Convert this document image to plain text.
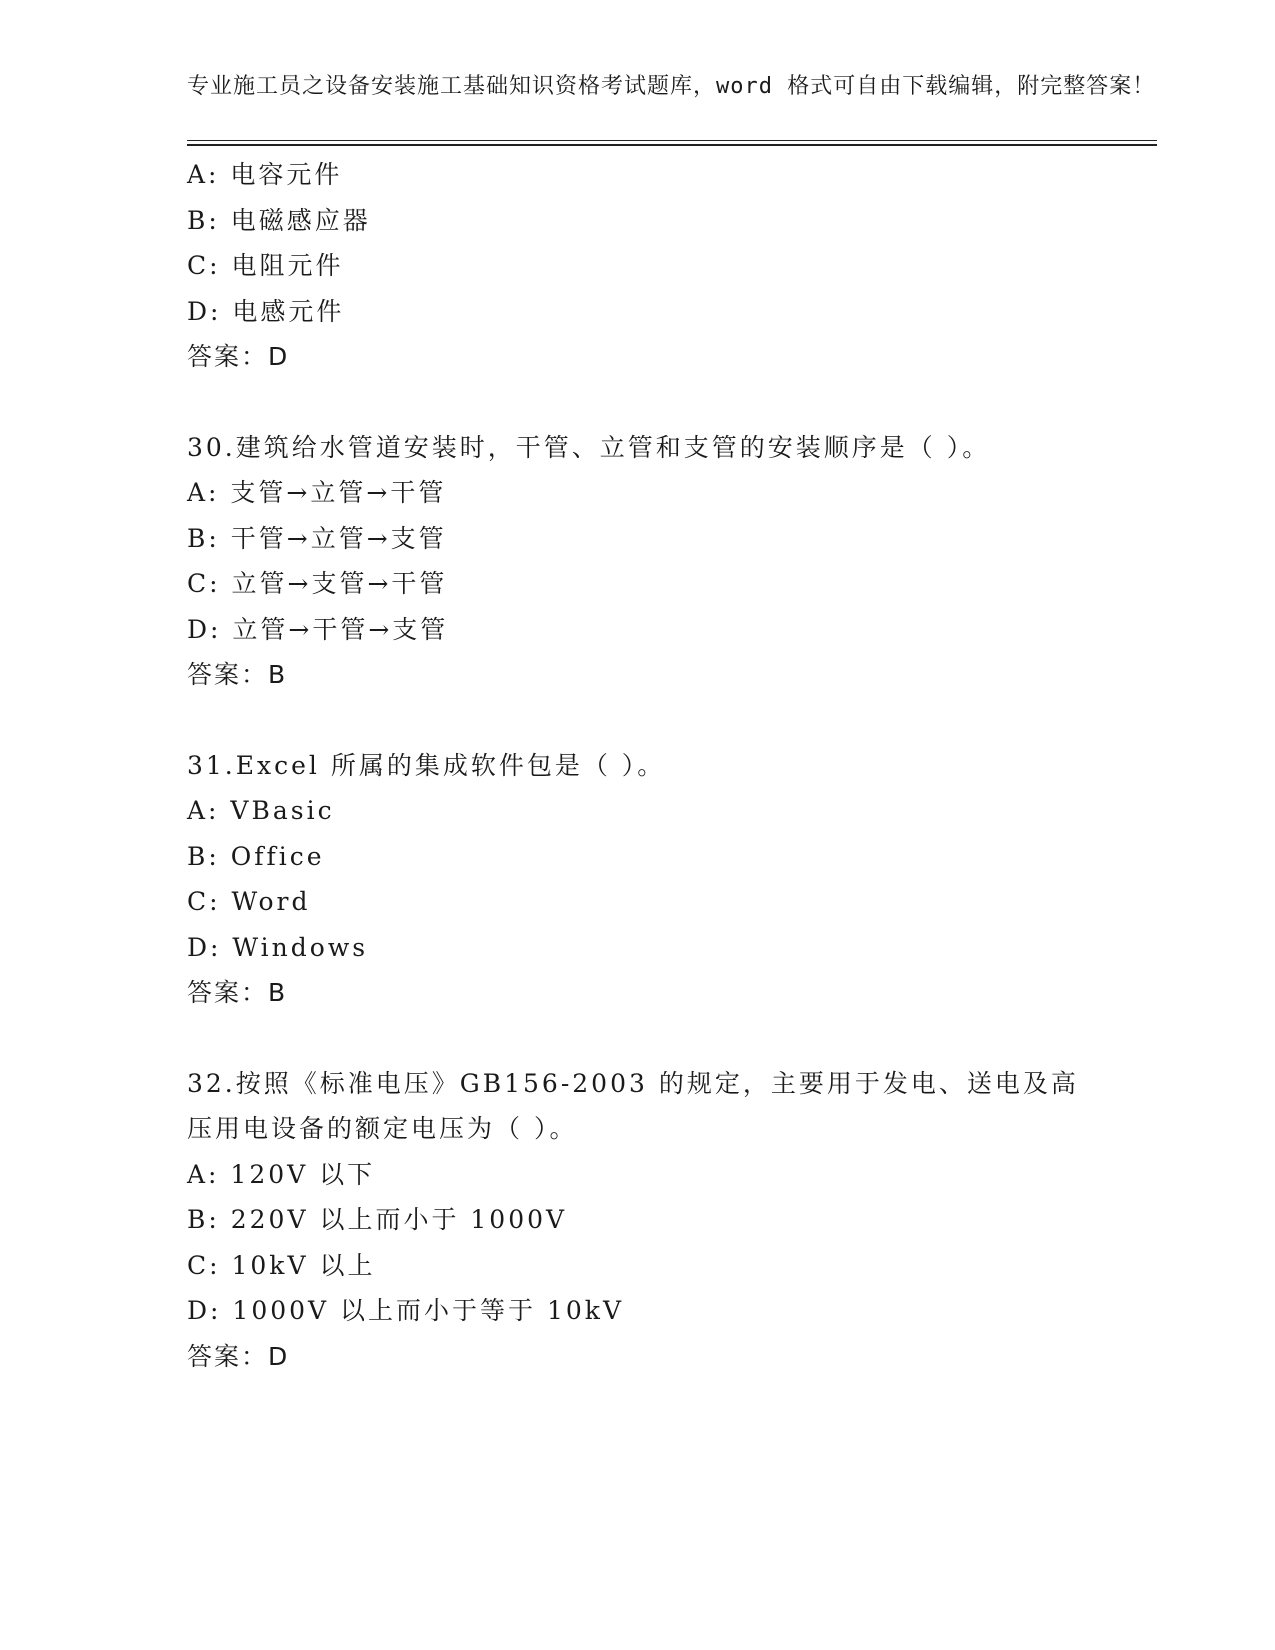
专业施工员之设备安装施工基础知识资格考试题库，word 格式可自由下载编辑，附完整答案！

A: 电容元件
B: 电磁感应器
C: 电阻元件
D: 电感元件
答案：D
30.建筑给水管道安装时，干管、立管和支管的安装顺序是（ ）。
A: 支管→立管→干管
B: 干管→立管→支管
C: 立管→支管→干管
D: 立管→干管→支管
答案：B
31.Excel 所属的集成软件包是（ ）。
A: VBasic
B: Office
C: Word
D: Windows
答案：B
32.按照《标准电压》GB156-2003 的规定，主要用于发电、送电及高压用电设备的额定电压为（ ）。
A: 120V 以下
B: 220V 以上而小于 1000V
C: 10kV 以上
D: 1000V 以上而小于等于 10kV
答案：D
